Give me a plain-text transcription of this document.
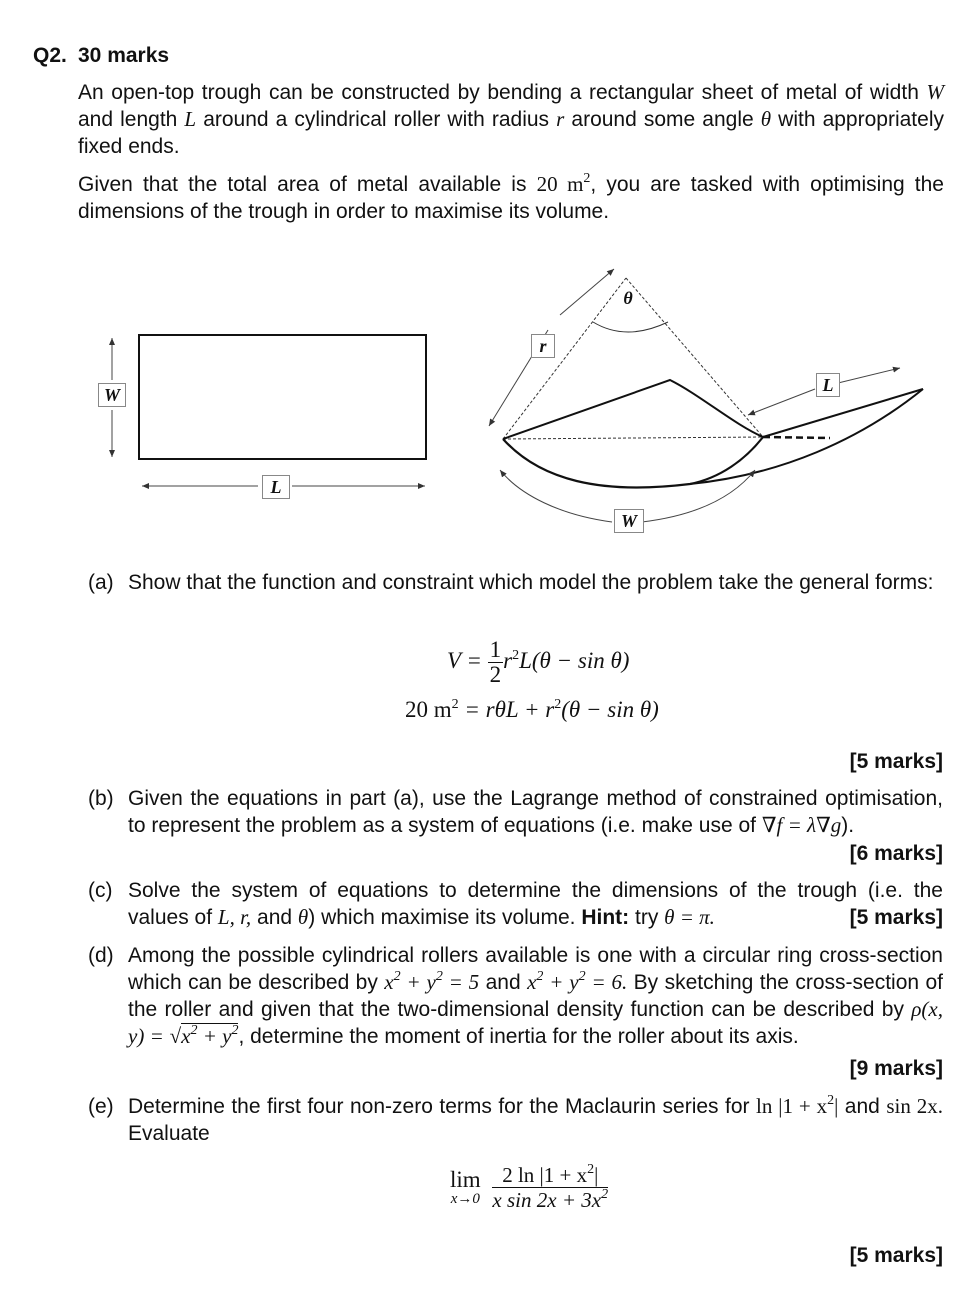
Q2. 30 marks
An open-top trough can be constructed by bending a rectangular sheet of metal of width W and length L around a cylindrical roller with radius r around some angle θ with appropriately fixed ends.
Given that the total area of metal available is 20 $m^2$, you are tasked with optimising the dimensions of the trough in order to maximise its volume.
W
L
θ
r
L
W
(a) Show that the function and constraint which model the problem take the general forms:
$V = \frac{1}{2} r^2L(\theta - \sin \theta)$
20 $m^2 = r\theta L + r^2(\theta - \sin \theta)$
[5 marks]
(b) Given the equations in part (a), use the Lagrange method of constrained optimisation, to represent the problem as a system of equations (i.e. make use of ∇f = λ∇g).
[6 marks]
(c) Solve the system of equations to determine the dimensions of the trough (i.e. the values of L, r, and θ) which maximise its volume. Hint: try θ = π.	[5 marks]
(d) Among the possible cylindrical rollers available is one with a circular ring cross-section which can be described by $x^2 + y^2 = 5$ and $x^2 + y^2 = 6$. By sketching the cross-section of the roller and given that the two-dimensional density function can be described by ρ(x, $y) = √x^2 + y^2$, determine the moment of inertia for the roller about its axis.
[9 marks]
(e) Determine the first four non-zero terms for the Maclaurin series for $\ln |1 + x^2|$ and sin 2x. Evaluate
lim
x→0
$\frac{2 \ln |1 + x^2|}{x \sin 2x + 3x^2}$
[5 marks]
